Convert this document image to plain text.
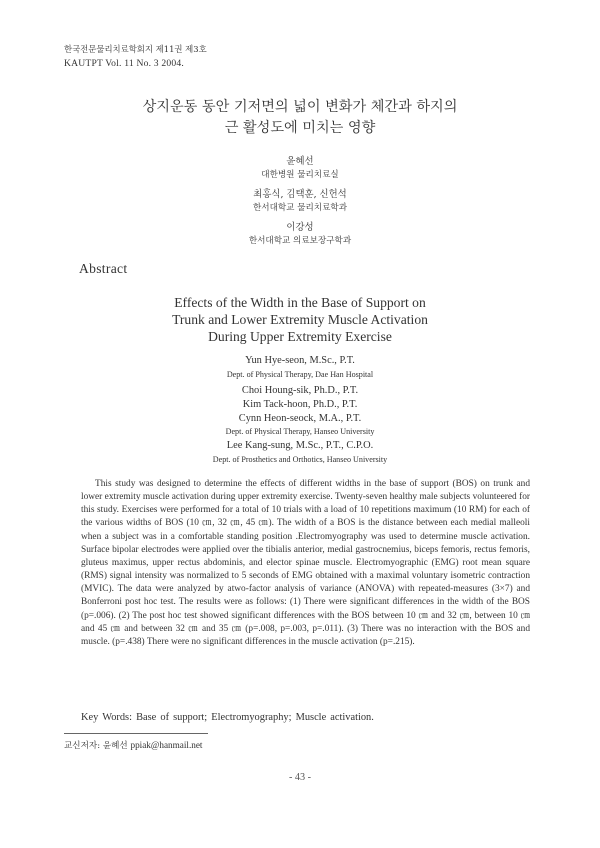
한국전문물리치료학회지 제11권 제3호
KAUTPT Vol. 11 No. 3 2004.
상지운동 동안 기저면의 넓이 변화가 체간과 하지의
근 활성도에 미치는 영향
윤혜선
대한병원 물리치료실
최홍식, 김택훈, 신헌석
한서대학교 물리치료학과
이강성
한서대학교 의료보장구학과
Abstract
Effects of the Width in the Base of Support on
Trunk and Lower Extremity Muscle Activation
During Upper Extremity Exercise
Yun Hye-seon, M.Sc., P.T.
Dept. of Physical Therapy, Dae Han Hospital
Choi Houng-sik, Ph.D., P.T.
Kim Tack-hoon, Ph.D., P.T.
Cynn Heon-seock, M.A., P.T.
Dept. of Physical Therapy, Hanseo University
Lee Kang-sung, M.Sc., P.T., C.P.O.
Dept. of Prosthetics and Orthotics, Hanseo University

This study was designed to determine the effects of different widths in the base of support (BOS) on trunk and lower extremity muscle activation during upper extremity exercise. Twenty-seven healthy male subjects volunteered for this study. Exercises were performed for a total of 10 trials with a load of 10 repetitions maximum (10 RM) for each of the various widths of BOS (10 ㎝, 32 ㎝, 45 ㎝). The width of a BOS is the distance between each medial malleoli when a subject was in a comfortable standing position .Electromyography was used to determine muscle activation. Surface bipolar electrodes were applied over the tibialis anterior, medial gastrocnemius, biceps femoris, rectus femoris, gluteus maximus, upper rectus abdominis, and elector spinae muscle. Electromyographic (EMG) root mean square (RMS) signal intensity was normalized to 5 seconds of EMG obtained with a maximal voluntary isometric contraction (MVIC). The data were analyzed by atwo-factor analysis of variance (ANOVA) with repeated-measures (3×7) and Bonferroni post hoc test. The results were as follows: (1) There were significant differences in the width of the BOS (p=.006). (2) The post hoc test showed significant differences with the BOS between 10 ㎝ and 32 ㎝, between 10 ㎝ and 45 ㎝ and between 32 ㎝ and 35 ㎝ (p=.008, p=.003, p=.011). (3) There was no interaction with the BOS and muscle. (p=.438) There were no significant differences in the muscle activation (p=.215).

Key Words: Base of support; Electromyography; Muscle activation.
교신저자: 윤혜선 ppiak@hanmail.net
- 43 -
